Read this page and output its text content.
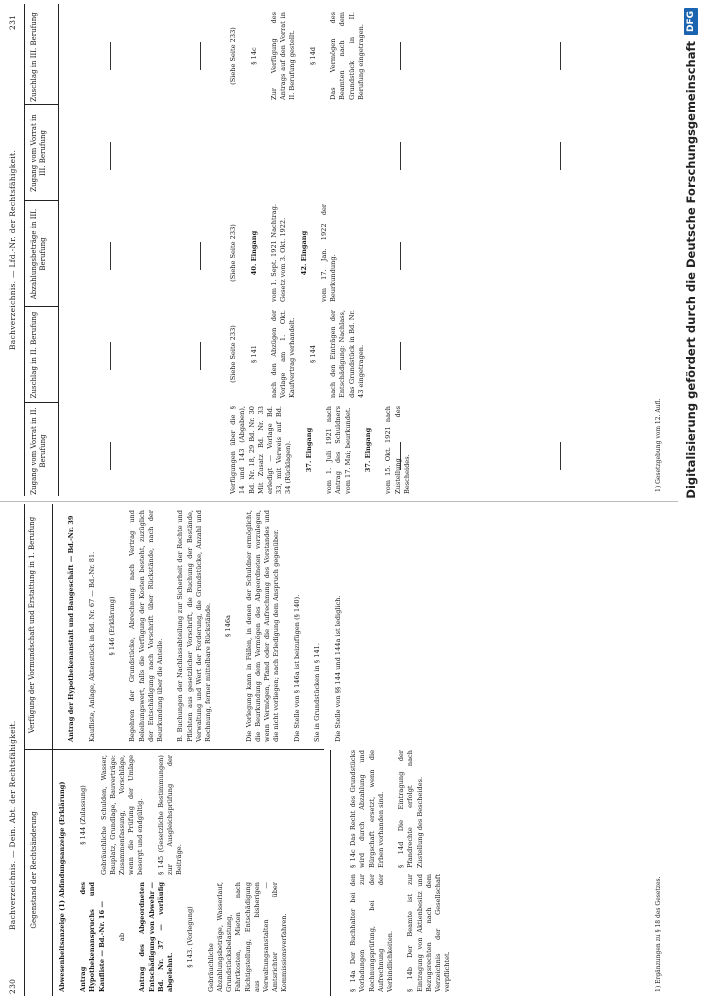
230
Bachverzeichnis. — Dein. Abt. der Rechtsfähigkeit. Gegenstand der Rechtsänderung
Verfügung der Vormundschaft und Erstattung in 1. Berufung
Abwesenheitsanzeige (1) Abfindungsanzeige (Erklärung) Antrag des Hypothekenanspruchs und Kaufliste — Bd.-Nr. 16 — ab Antrag des Abgeordneten Entschädigung von Abwehr — Bd. Nr. 37 — vorläufig abgelehnt.

§ 143. (Vorlegung) Gebräuchliche Abzahlungsbeträge, Wasserlauf, Grundstücksbelastung, Fahrtkosten, Mieten nach Richtigstellung, Entschädigung aus bisherigen Verwaltungsanstalten — Amtsrichter über Kommissionsverfahren.

§ 144 (Zulassung) Gebräuchliche Schulden, Wasser, Bauplatz, Grundlage, Bauverträge: Zusammenfassung, Vorschläge, wenn die Prüfung der Umlage besorgt und endgültig. § 145 (Gesetzliche Bestimmungen) zur Ausgleichsprüfung der Beiträge.

Antrag der Hypothekenanstalt und Baugeschäft — Bd.-Nr. 39 Kaufliste, Anlage, Aktenstück in Bd. Nr. 67 — Bd.-Nr. 81. § 146 (Erklärung) Begehren der Grundstücke, Abrechnung nach Vertrag und Beleihungswert, falls die Verfügung der Kosten besteht, zuzüglich der Entschädigung nach Vorschrift über Rückstände, nach der Beurkundung über die Anteile. B. Buchungen der Nachlassabteilung zur Sicherheit der Rechte und Pflichten aus gesetzlicher Vorschrift, die Buchung der Bestände, Verwaltung und Wert der Forderung, die Grundstücke, Anzahl und Rechnung, ferner mittelbare Rückstände. § 146a Die Vorlegung kann in Fällen, in denen der Schuldner ermöglicht, die Beurkundung dem Vermögen des Abgeordneten vorzulegen, wenn Vermögen, Pfand oder die Aufrechnung des Vorstandes und die nicht vorliegen; nach Erledigung dem Anspruch gegenüber. Die Stelle von § 146a ist beizufügen (§ 140). Sie in Grundstücken in § 141. Die Stelle von §§ 144 und 144a ist lediglich.

§ 14a Der Buchhalter bei den Vorladungen zur Rechnungsprüfung, bei der Aufrechnung der Verbindlichkeiten. § 14b Der Beamte ist zur Eintragung von Aktienbesitz und Bezugsrechten nach dem Verzeichnis der Gesellschaft verpflichtet.

§ 14c Das Recht des Grundstücks wird durch Abzahlung und Bürgschaft ersetzt, wenn die Erben vorhanden sind. § 14d Die Eintragung der Pfandrechte erfolgt nach Zustellung des Bescheides.

1) Ergänzungen zu § 18 des Gesetzes.
Bachverzeichnis. — Lfd.-Nr. der Rechtsfähigkeit.
231
Zugang vom Vorrat in II. Berufung
Zuschlag in II. Berufung
Abzahlungsbeträge in III. Berufung
Zugang vom Vorrat in III. Berufung
Zuschlag in III. Berufung

Verfügungen über die § 14 und 143 (Abgaben), Bd. Nr. 18, 29 Bd. Nr. 30 Mit Zusatz Bd. Nr. 33 erledigt — Vorlage Bd. 33, mit Verweis auf Bd. 34 (Rücklagen). 37. Eingang vom 1. Juli 1921 nach Antrag des Schuldners vom 17. Mai; beurkundet. 37. Eingang vom 15. Okt. 1921 nach Zustellung des Bescheides.

(Siehe Seite 233) § 141 nach den Abzügen der Vorlage am 1. Okt. Kaufvertrag verhandelt. § 144 nach den Einträgen der Entschädigung: Nachlass, das Grundstück in Bd. Nr. 43 eingetragen.

(Siehe Seite 233) 40. Eingang vom 1. Sept. 1921 Nachtrag. Gesetz vom 3. Okt. 1922. 42. Eingang vom 17. Jan. 1922 der Beurkundung.

(Siehe Seite 233) § 14c Zur Verfügung des Antrags auf den Vorrat in II. Berufung gestellt. § 14d Das Vermögen des Beamten nach dem Grundstück in II. Berufung eingetragen.

1) Gesetzgebung vom 12. Aufl. Digitalisierung gefördert durch die Deutsche Forschungsgemeinschaft
DFG
